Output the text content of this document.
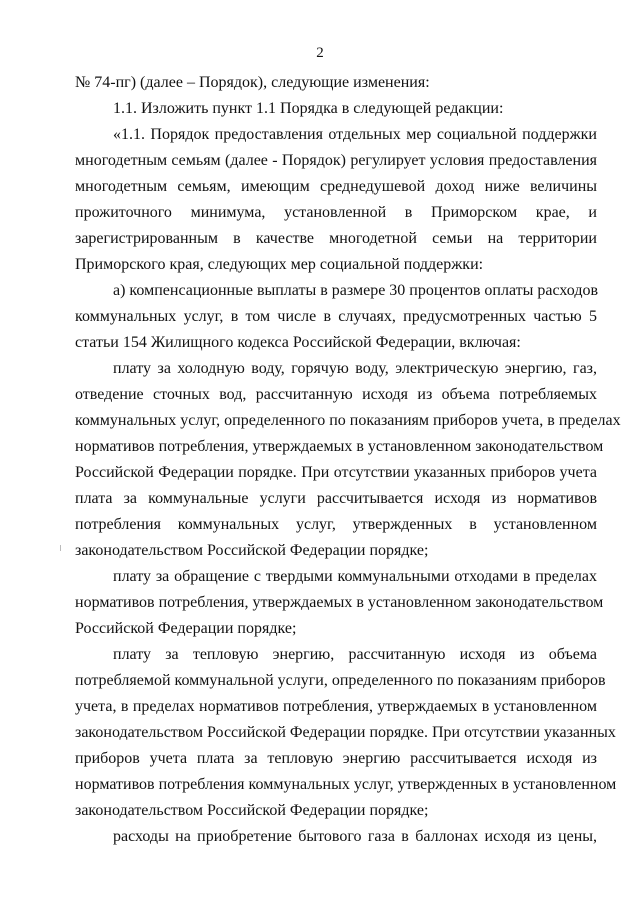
2
№ 74-пг) (далее – Порядок), следующие изменения:
1.1. Изложить пункт 1.1 Порядка в следующей редакции:
«1.1. Порядок предоставления отдельных мер социальной поддержки
многодетным семьям (далее - Порядок) регулирует условия предоставления
многодетным семьям, имеющим среднедушевой доход ниже величины
прожиточного минимума, установленной в Приморском крае, и
зарегистрированным в качестве многодетной семьи на территории
Приморского края, следующих мер социальной поддержки:
а) компенсационные выплаты в размере 30 процентов оплаты расходов
коммунальных услуг, в том числе в случаях, предусмотренных частью 5
статьи 154 Жилищного кодекса Российской Федерации, включая:
плату за холодную воду, горячую воду, электрическую энергию, газ,
отведение сточных вод, рассчитанную исходя из объема потребляемых
коммунальных услуг, определенного по показаниям приборов учета, в пределах
нормативов потребления, утверждаемых в установленном законодательством
Российской Федерации порядке. При отсутствии указанных приборов учета
плата за коммунальные услуги рассчитывается исходя из нормативов
потребления коммунальных услуг, утвержденных в установленном
законодательством Российской Федерации порядке;
плату за обращение с твердыми коммунальными отходами в пределах
нормативов потребления, утверждаемых в установленном законодательством
Российской Федерации порядке;
плату за тепловую энергию, рассчитанную исходя из объема
потребляемой коммунальной услуги, определенного по показаниям приборов
учета, в пределах нормативов потребления, утверждаемых в установленном
законодательством Российской Федерации порядке. При отсутствии указанных
приборов учета плата за тепловую энергию рассчитывается исходя из
нормативов потребления коммунальных услуг, утвержденных в установленном
законодательством Российской Федерации порядке;
расходы на приобретение бытового газа в баллонах исходя из цены,
